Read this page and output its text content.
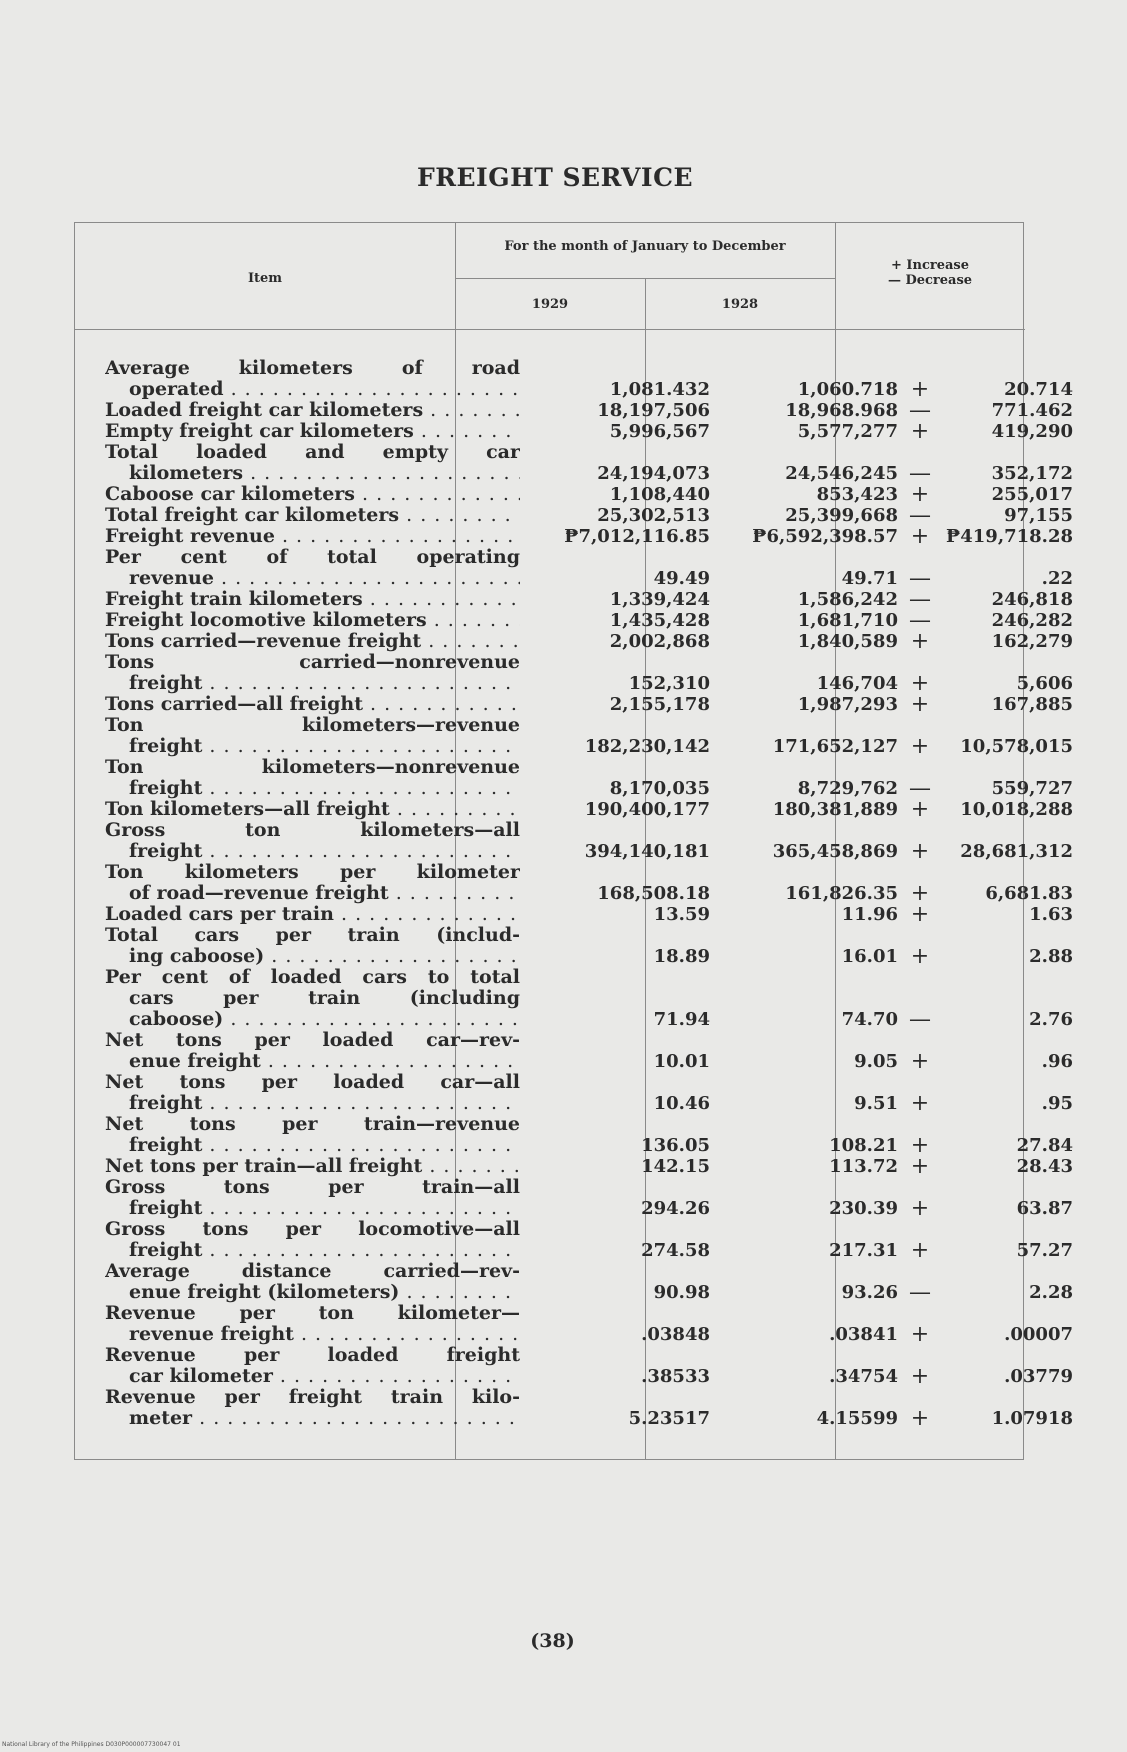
FREIGHT SERVICE
Item
For the month of January to December
1929	1928
+ Increase
— Decrease
Average kilometers of road
operated . . .	1,081.432	1,060.718 +	20.714
Loaded freight car kilometers . . .	18,197,506	18,968.968 —	771.462
Empty freight car kilometers . . .	5,996,567	5,577,277 +	419,290
Total loaded and empty car
kilometers . . .	24,194,073	24,546,245 —	352,172
Caboose car kilometers . . .	1,108,440	853,423 +	255,017
Total freight car kilometers . . .	25,302,513	25,399,668 —	97,155
Freight revenue . . .	₱7,012,116.85	₱6,592,398.57 + ₱419,718.28
Per cent of total operating
revenue . . .	49.49	49.71 —	.22
Freight train kilometers . . .	1,339,424	1,586,242 —	246,818
Freight locomotive kilometers . . .	1,435,428	1,681,710 —	246,282
Tons carried—revenue freight . . .	2,002,868	1,840,589 +	162,279
Tons carried—nonrevenue
freight . . .	152,310	146,704 +	5,606
Tons carried—all freight . . .	2,155,178	1,987,293 +	167,885
Ton kilometers—revenue
freight . . .	182,230,142	171,652,127 +	10,578,015
Ton kilometers—nonrevenue
freight . . .	8,170,035	8,729,762 —	559,727
Ton kilometers—all freight . . .	190,400,177	180,381,889 +	10,018,288
Gross ton kilometers—all
freight . . .	394,140,181	365,458,869 +	28,681,312
Ton kilometers per kilometer
of road—revenue freight . . .	168,508.18	161,826.35 +	6,681.83
Loaded cars per train . . .	13.59	11.96 +	1.63
Total cars per train (includ-
ing caboose) . . .	18.89	16.01 +	2.88
Per cent of loaded cars to total
cars per train (including
caboose) . . .	71.94	74.70 —	2.76
Net tons per loaded car—rev-
enue freight . . .	10.01	9.05 +	.96
Net tons per loaded car—all
freight . . .	10.46	9.51 +	.95
Net tons per train—revenue
freight . . .	136.05	108.21 +	27.84
Net tons per train—all freight . . .	142.15	113.72 +	28.43
Gross tons per train—all
freight . . .	294.26	230.39 +	63.87
Gross tons per locomotive—all
freight . . .	274.58	217.31 +	57.27
Average distance carried—rev-
enue freight (kilometers) . . .	90.98	93.26 —	2.28
Revenue per ton kilometer—
revenue freight . . .	.03848	.03841 +	.00007
Revenue per loaded freight
car kilometer . . .	.38533	.34754 +	.03779
Revenue per freight train kilo-
meter . . .	5.23517	4.15599 +	1.07918
(38)
National Library of the Philippines D030P000007730047 01
